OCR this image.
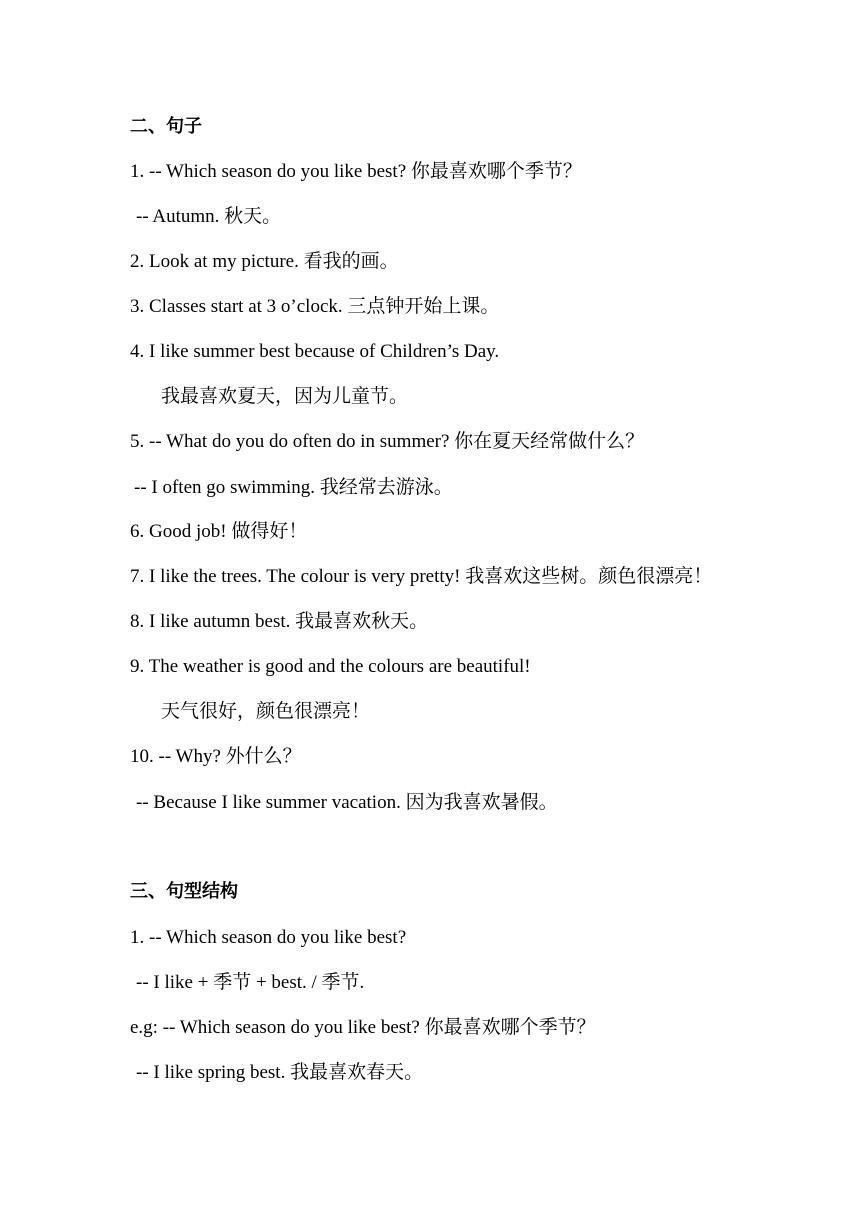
二、句子
1. -- Which season do you like best? 你最喜欢哪个季节？
-- Autumn. 秋天。
2. Look at my picture. 看我的画。
3. Classes start at 3 o’clock. 三点钟开始上课。
4. I like summer best because of Children’s Day.
我最喜欢夏天，因为儿童节。
5. -- What do you do often do in summer? 你在夏天经常做什么？
-- I often go swimming. 我经常去游泳。
6. Good job! 做得好！
7. I like the trees. The colour is very pretty! 我喜欢这些树。颜色很漂亮！
8. I like autumn best. 我最喜欢秋天。
9. The weather is good and the colours are beautiful!
天气很好，颜色很漂亮！
10. -- Why? 外什么？
-- Because I like summer vacation. 因为我喜欢暑假。
三、句型结构
1. -- Which season do you like best?
-- I like + 季节 + best. / 季节.
e.g: -- Which season do you like best? 你最喜欢哪个季节？
-- I like spring best. 我最喜欢春天。
